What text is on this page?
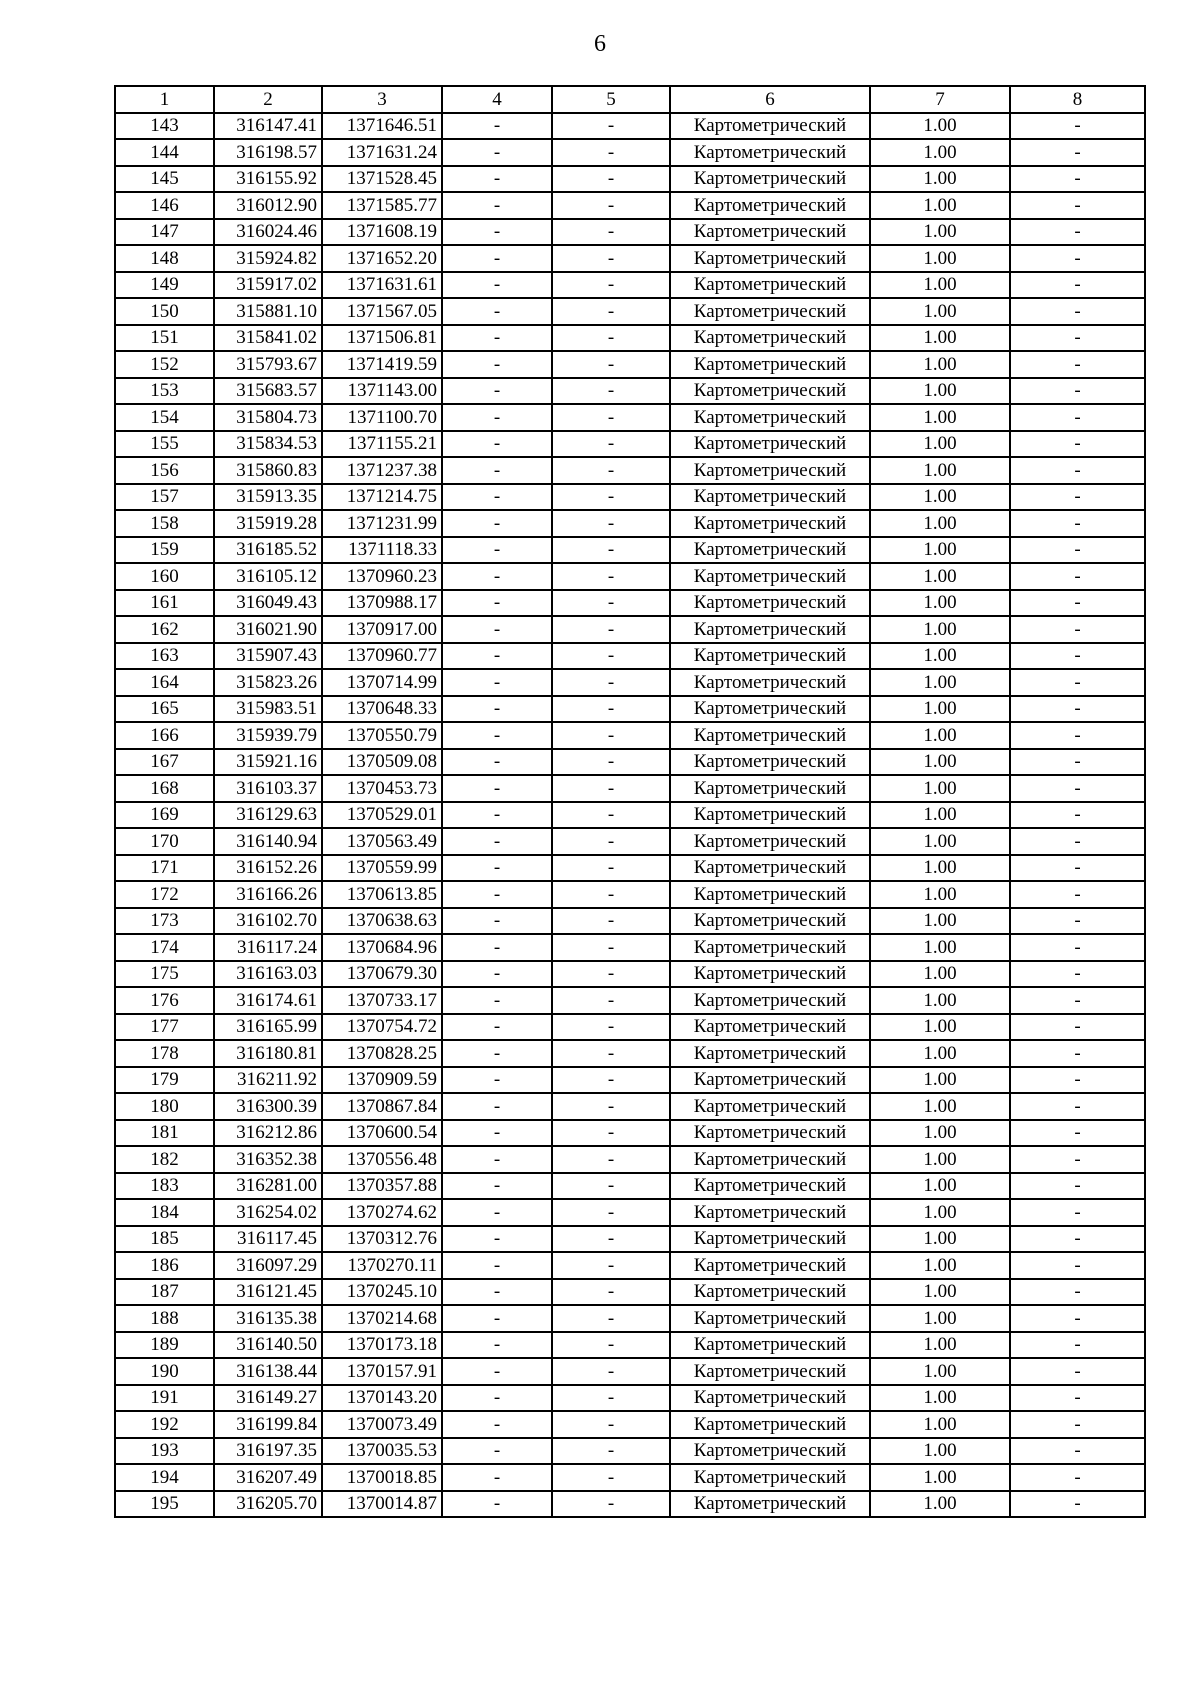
6
1	2	3	4	5	6	7	8
143	316147.41	1371646.51	-	-	Картометрический	1.00	-
144	316198.57	1371631.24	-	-	Картометрический	1.00	-
145	316155.92	1371528.45	-	-	Картометрический	1.00	-
146	316012.90	1371585.77	-	-	Картометрический	1.00	-
147	316024.46	1371608.19	-	-	Картометрический	1.00	-
148	315924.82	1371652.20	-	-	Картометрический	1.00	-
149	315917.02	1371631.61	-	-	Картометрический	1.00	-
150	315881.10	1371567.05	-	-	Картометрический	1.00	-
151	315841.02	1371506.81	-	-	Картометрический	1.00	-
152	315793.67	1371419.59	-	-	Картометрический	1.00	-
153	315683.57	1371143.00	-	-	Картометрический	1.00	-
154	315804.73	1371100.70	-	-	Картометрический	1.00	-
155	315834.53	1371155.21	-	-	Картометрический	1.00	-
156	315860.83	1371237.38	-	-	Картометрический	1.00	-
157	315913.35	1371214.75	-	-	Картометрический	1.00	-
158	315919.28	1371231.99	-	-	Картометрический	1.00	-
159	316185.52	1371118.33	-	-	Картометрический	1.00	-
160	316105.12	1370960.23	-	-	Картометрический	1.00	-
161	316049.43	1370988.17	-	-	Картометрический	1.00	-
162	316021.90	1370917.00	-	-	Картометрический	1.00	-
163	315907.43	1370960.77	-	-	Картометрический	1.00	-
164	315823.26	1370714.99	-	-	Картометрический	1.00	-
165	315983.51	1370648.33	-	-	Картометрический	1.00	-
166	315939.79	1370550.79	-	-	Картометрический	1.00	-
167	315921.16	1370509.08	-	-	Картометрический	1.00	-
168	316103.37	1370453.73	-	-	Картометрический	1.00	-
169	316129.63	1370529.01	-	-	Картометрический	1.00	-
170	316140.94	1370563.49	-	-	Картометрический	1.00	-
171	316152.26	1370559.99	-	-	Картометрический	1.00	-
172	316166.26	1370613.85	-	-	Картометрический	1.00	-
173	316102.70	1370638.63	-	-	Картометрический	1.00	-
174	316117.24	1370684.96	-	-	Картометрический	1.00	-
175	316163.03	1370679.30	-	-	Картометрический	1.00	-
176	316174.61	1370733.17	-	-	Картометрический	1.00	-
177	316165.99	1370754.72	-	-	Картометрический	1.00	-
178	316180.81	1370828.25	-	-	Картометрический	1.00	-
179	316211.92	1370909.59	-	-	Картометрический	1.00	-
180	316300.39	1370867.84	-	-	Картометрический	1.00	-
181	316212.86	1370600.54	-	-	Картометрический	1.00	-
182	316352.38	1370556.48	-	-	Картометрический	1.00	-
183	316281.00	1370357.88	-	-	Картометрический	1.00	-
184	316254.02	1370274.62	-	-	Картометрический	1.00	-
185	316117.45	1370312.76	-	-	Картометрический	1.00	-
186	316097.29	1370270.11	-	-	Картометрический	1.00	-
187	316121.45	1370245.10	-	-	Картометрический	1.00	-
188	316135.38	1370214.68	-	-	Картометрический	1.00	-
189	316140.50	1370173.18	-	-	Картометрический	1.00	-
190	316138.44	1370157.91	-	-	Картометрический	1.00	-
191	316149.27	1370143.20	-	-	Картометрический	1.00	-
192	316199.84	1370073.49	-	-	Картометрический	1.00	-
193	316197.35	1370035.53	-	-	Картометрический	1.00	-
194	316207.49	1370018.85	-	-	Картометрический	1.00	-
195	316205.70	1370014.87	-	-	Картометрический	1.00	-
